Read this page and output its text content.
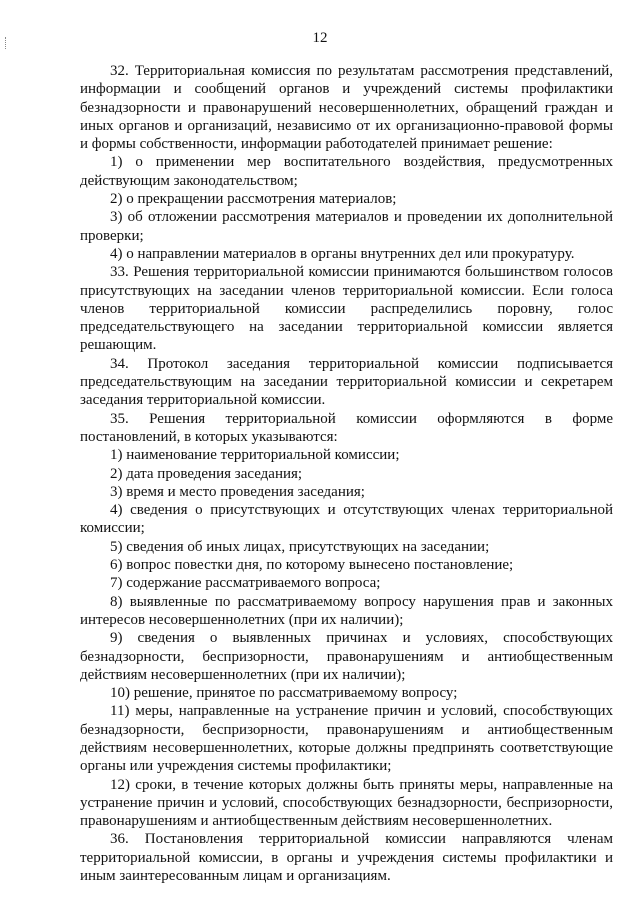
12

32. Территориальная комиссия по результатам рассмотрения представлений, информации и сообщений органов и учреждений системы профилактики безнадзорности и правонарушений несовершеннолетних, обращений граждан и иных органов и организаций, независимо от их организационно-правовой формы и формы собственности, информации работодателей принимает решение:

1) о применении мер воспитательного воздействия, предусмотренных действующим законодательством;

2) о прекращении рассмотрения материалов;

3) об отложении рассмотрения материалов и проведении их дополнительной проверки;

4) о направлении материалов в органы внутренних дел или прокуратуру.

33. Решения территориальной комиссии принимаются большинством голосов присутствующих на заседании членов территориальной комиссии. Если голоса членов территориальной комиссии распределились поровну, голос председательствующего на заседании территориальной комиссии является решающим.

34. Протокол заседания территориальной комиссии подписывается председательствующим на заседании территориальной комиссии и секретарем заседания территориальной комиссии.

35. Решения территориальной комиссии оформляются в форме постановлений, в которых указываются:

1) наименование территориальной комиссии;

2) дата проведения заседания;

3) время и место проведения заседания;

4) сведения о присутствующих и отсутствующих членах территориальной комиссии;

5) сведения об иных лицах, присутствующих на заседании;

6) вопрос повестки дня, по которому вынесено постановление;

7) содержание рассматриваемого вопроса;

8) выявленные по рассматриваемому вопросу нарушения прав и законных интересов несовершеннолетних (при их наличии);

9) сведения о выявленных причинах и условиях, способствующих безнадзорности, беспризорности, правонарушениям и антиобщественным действиям несовершеннолетних (при их наличии);

10) решение, принятое по рассматриваемому вопросу;

11) меры, направленные на устранение причин и условий, способствующих безнадзорности, беспризорности, правонарушениям и антиобщественным действиям несовершеннолетних, которые должны предпринять соответствующие органы или учреждения системы профилактики;

12) сроки, в течение которых должны быть приняты меры, направленные на устранение причин и условий, способствующих безнадзорности, беспризорности, правонарушениям и антиобщественным действиям несовершеннолетних.

36. Постановления территориальной комиссии направляются членам территориальной комиссии, в органы и учреждения системы профилактики и иным заинтересованным лицам и организациям.
